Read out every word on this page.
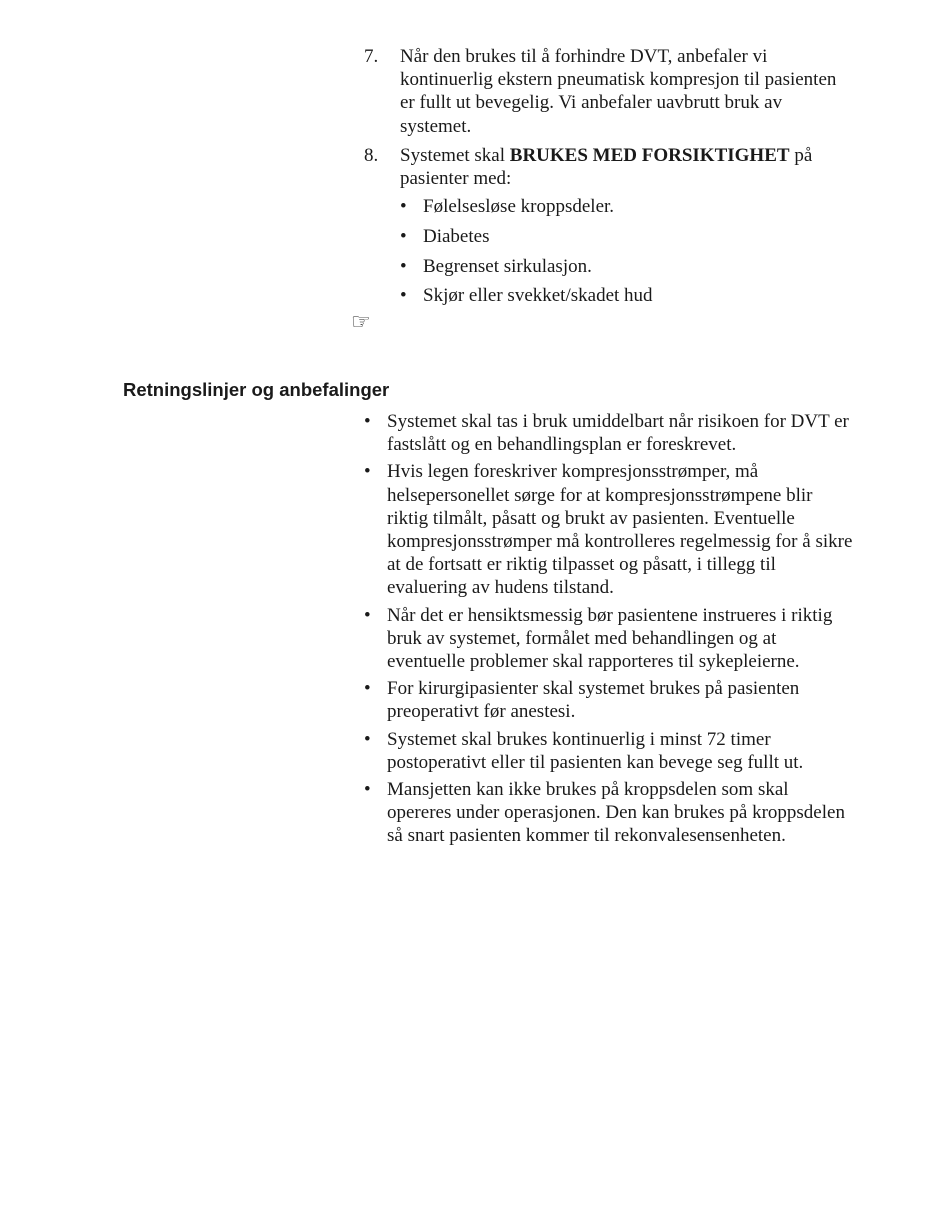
7. Når den brukes til å forhindre DVT, anbefaler vi kontinuerlig ekstern pneumatisk kompresjon til pasienten er fullt ut bevegelig. Vi anbefaler uavbrutt bruk av systemet.
8. Systemet skal BRUKES MED FORSIKTIGHET på pasienter med:
• Følelsesløse kroppsdeler.
• Diabetes
• Begrenset sirkulasjon.
• Skjør eller svekket/skadet hud
☞
Retningslinjer og anbefalinger
• Systemet skal tas i bruk umiddelbart når risikoen for DVT er fastslått og en behandlingsplan er foreskrevet.
• Hvis legen foreskriver kompresjonsstrømper, må helsepersonellet sørge for at kompresjonsstrømpene blir riktig tilmålt, påsatt og brukt av pasienten. Eventuelle kompresjonsstrømper må kontrolleres regelmessig for å sikre at de fortsatt er riktig tilpasset og påsatt, i tillegg til evaluering av hudens tilstand.
• Når det er hensiktsmessig bør pasientene instrueres i riktig bruk av systemet, formålet med behandlingen og at eventuelle problemer skal rapporteres til sykepleierne.
• For kirurgipasienter skal systemet brukes på pasienten preoperativt før anestesi.
• Systemet skal brukes kontinuerlig i minst 72 timer postoperativt eller til pasienten kan bevege seg fullt ut.
• Mansjetten kan ikke brukes på kroppsdelen som skal opereres under operasjonen. Den kan brukes på kroppsdelen så snart pasienten kommer til rekonvalesensenheten.
